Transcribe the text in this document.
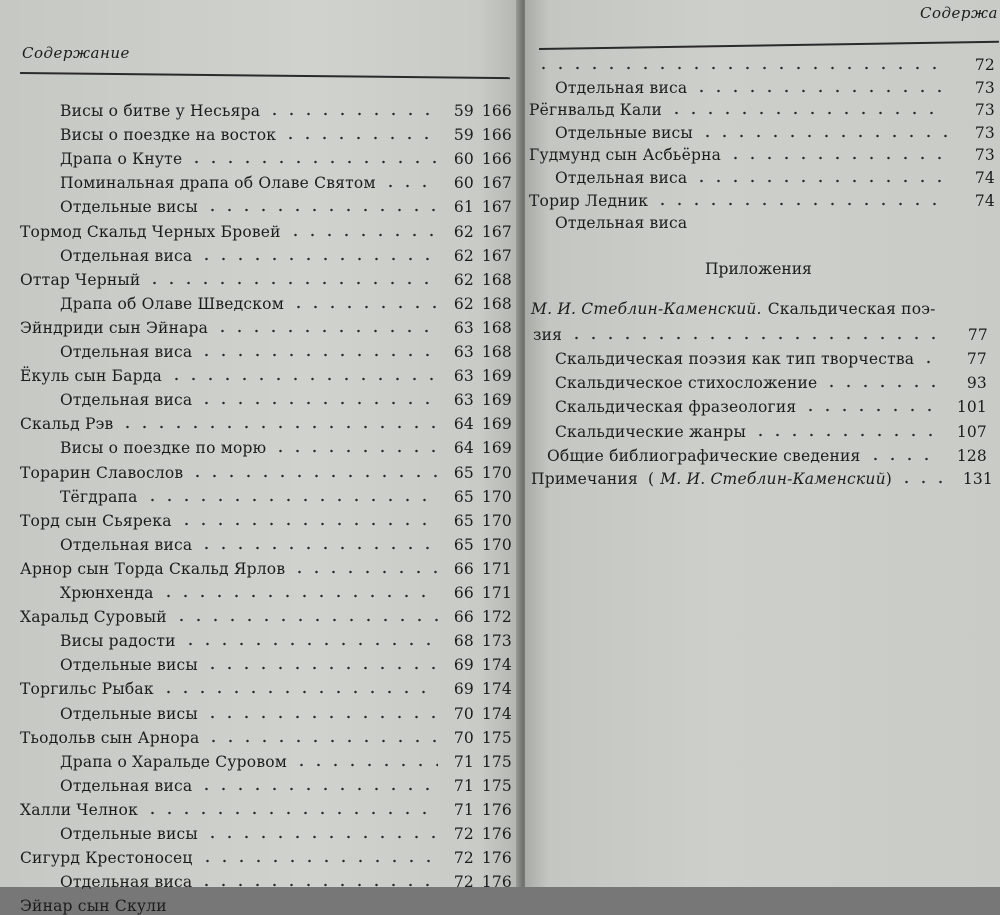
Содержание
Висы о битве у Несьяра	59 166
Висы о поездке на восток	59 166
Драпа о Кнуте	60 166
Поминальная драпа об Олаве Святом	60 167
Отдельные висы	61 167
Тормод Скальд Черных Бровей	62 167
Отдельная виса	62 167
Оттар Черный	62 168
Драпа об Олаве Шведском	62 168
Эйндриди сын Эйнара	63 168
Отдельная виса	63 168
Ёкуль сын Барда	63 169
Отдельная виса	63 169
Скальд Рэв	64 169
Висы о поездке по морю	64 169
Торарин Славослов	65 170
Тёгдрапа	65 170
Торд сын Сьярека	65 170
Отдельная виса	65 170
Арнор сын Торда Скальд Ярлов	66 171
Хрюнхенда	66 171
Харальд Суровый	66 172
Висы радости	68 173
Отдельные висы	69 174
Торгильс Рыбак	69 174
Отдельные висы	70 174
Тьодольв сын Арнора	70 175
Драпа о Харальде Суровом	71 175
Отдельная виса	71 175
Халли Челнок	71 176
Отдельные висы	72 176
Сигурд Крестоносец	72 176
Отдельная виса	72 176
Эйнар сын Скули
Содержа
72
Отдельная виса	73
Рёгнвальд Кали	73
Отдельные висы	73
Гудмунд сын Асбьёрна	73
Отдельная виса	74
Торир Ледник	74
Отдельная виса
Приложения
М. И. Стеблин-Каменский. Скальдическая поэ-
зия	77
Скальдическая поэзия как тип творчества	77
Скальдическое стихосложение	93
Скальдическая фразеология	101
Скальдические жанры	107
Общие библиографические сведения	128
Примечания ( М. И. Стеблин-Каменский )	131
